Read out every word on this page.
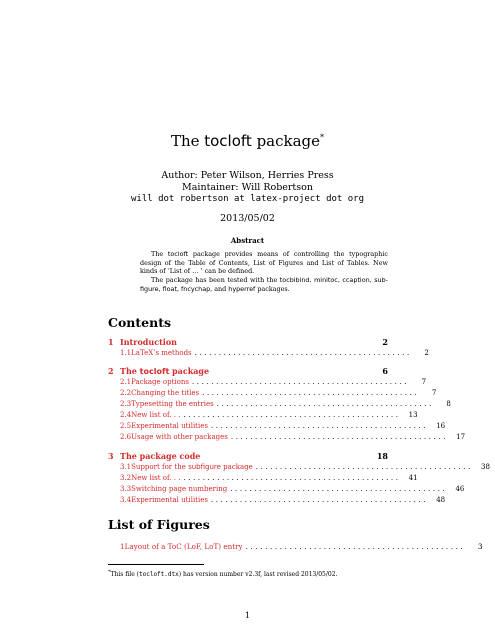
The tocloft package*
Author: Peter Wilson, Herries Press
Maintainer: Will Robertson
will dot robertson at latex-project dot org
2013/05/02
Abstract
The tocloft package provides means of controlling the typographic design of the Table of Contents, List of Figures and List of Tables. New kinds of ‘List of … ’ can be defined.
The package has been tested with the tocbibind, minitoc, ccaption, sub-figure, float, fncychap, and hyperref packages.
Contents
1 Introduction	2
1.1 LaTeX’s methods .............................................	2
2 The tocloft package	6
2.1 Package options .............................................	7
2.2 Changing the titles .............................................	7
2.3 Typesetting the entries .............................................	8
2.4 New list of. . . .............................................	13
2.5 Experimental utilities .............................................	16
2.6 Usage with other packages .............................................	17
3 The package code	18
3.1 Support for the subfigure package .............................................	38
3.2 New list of. . . .............................................	41
3.3 Switching page numbering .............................................	46
3.4 Experimental utilities .............................................	48
List of Figures
1 Layout of a ToC (LoF, LoT) entry .............................................	3
*This file (tocloft.dtx) has version number v2.3f, last revised 2013/05/02.
1
